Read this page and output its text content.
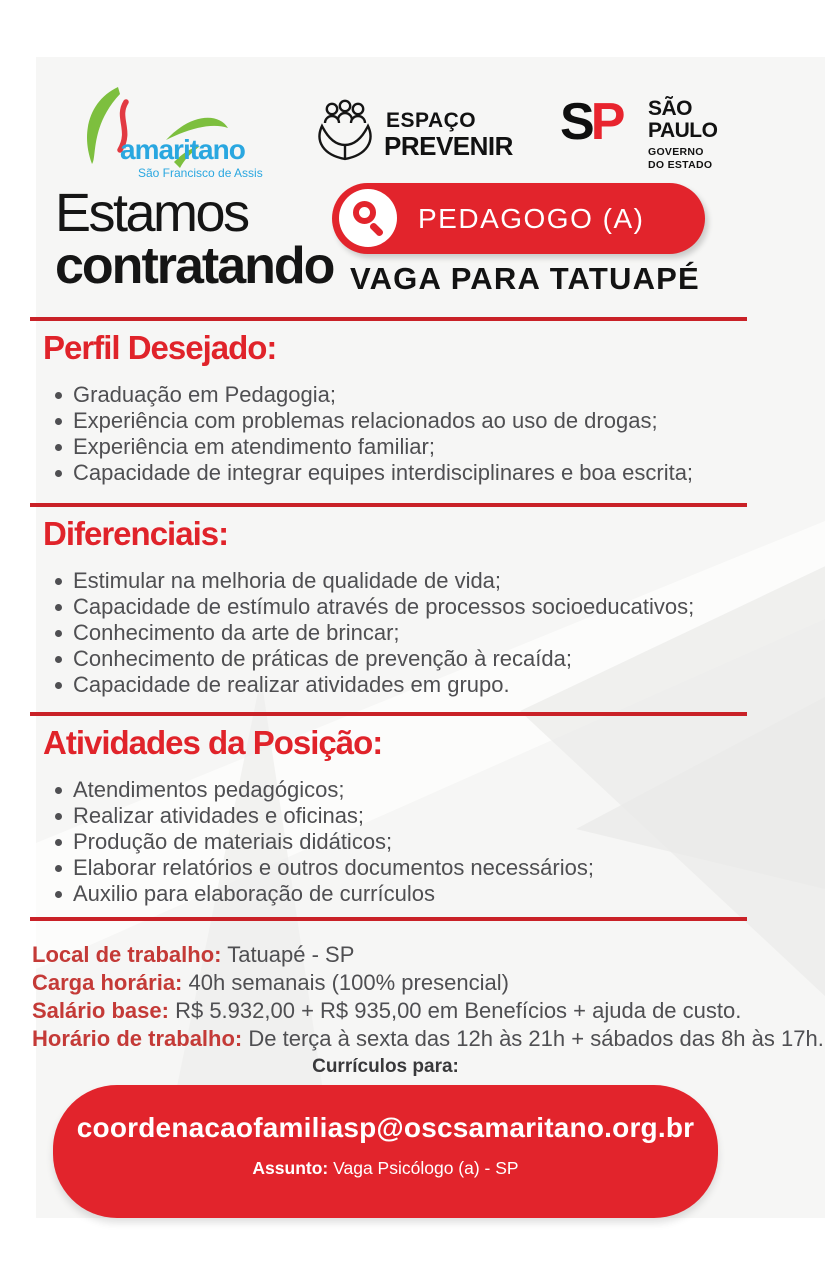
amaritano
São Francisco de Assis
ESPAÇO
PREVENIR SP SÃO
PAULO
GOVERNO
DO ESTADO
Estamos
contratando
PEDAGOGO (A)
VAGA PARA TATUAPÉ
Perfil Desejado:
Graduação em Pedagogia;
Experiência com problemas relacionados ao uso de drogas;
Experiência em atendimento familiar;
Capacidade de integrar equipes interdisciplinares e boa escrita;
Diferenciais:
Estimular na melhoria de qualidade de vida;
Capacidade de estímulo através de processos socioeducativos;
Conhecimento da arte de brincar;
Conhecimento de práticas de prevenção à recaída;
Capacidade de realizar atividades em grupo.
Atividades da Posição:
Atendimentos pedagógicos;
Realizar atividades e oficinas;
Produção de materiais didáticos;
Elaborar relatórios e outros documentos necessários;
Auxilio para elaboração de currículos
Local de trabalho: Tatuapé - SP
Carga horária: 40h semanais (100% presencial)
Salário base: R$ 5.932,00 + R$ 935,00 em Benefícios + ajuda de custo.
Horário de trabalho: De terça à sexta das 12h às 21h + sábados das 8h às 17h.
Currículos para:
coordenacaofamiliasp@oscsamaritano.org.br
Assunto: Vaga Psicólogo (a) - SP
